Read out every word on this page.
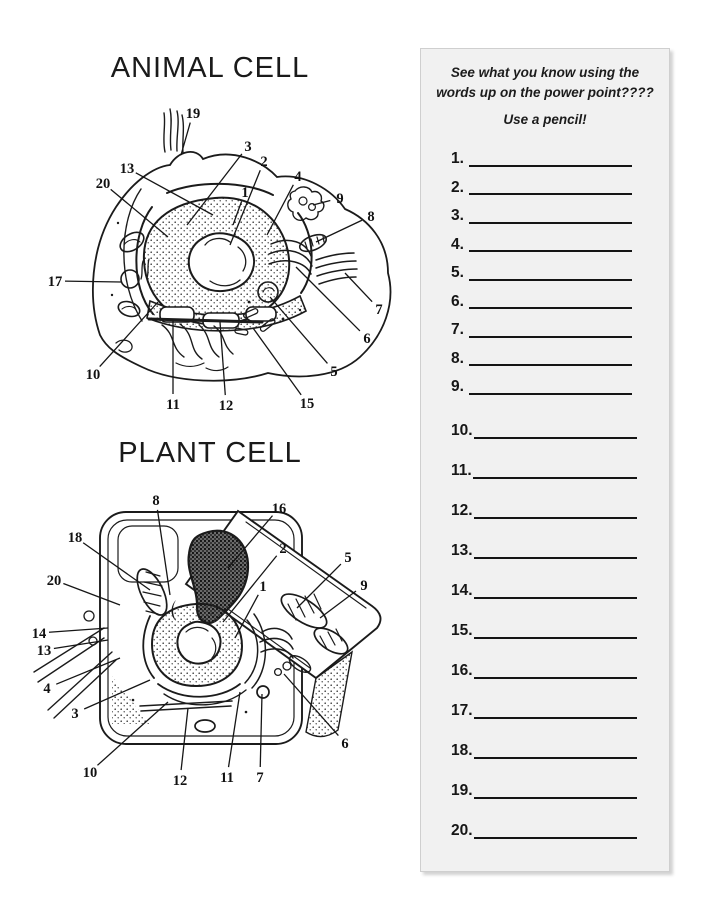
ANIMAL CELL
19
13
20
3
2
1
4
9
8
17
7
6
5
15
12
11
10
PLANT CELL
8	16
18
2
20	1
5
9
14
13
4
3
10	12 11 7
6

See what you know using the
words up on the power point????

Use a pencil!

1.
2.
3.
4.
5.
6.
7.
8.
9.
10.
11.
12.
13.
14.
15.
16.
17.
18.
19.
20.
